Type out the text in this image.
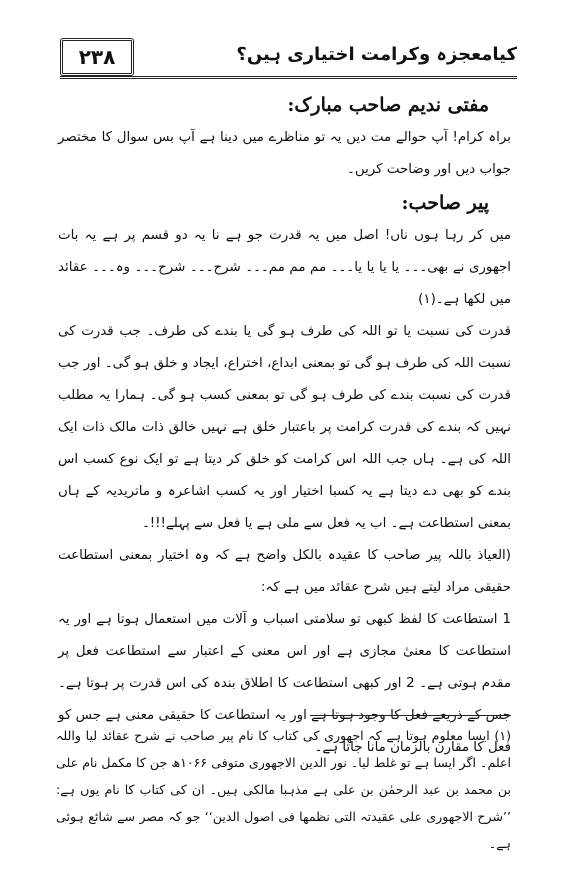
کیامعجزہ وکرامت اختیاری ہیں؟
۲۳۸
مفتی ندیم صاحب مبارک:

براہ کرام! آپ حوالے مت دیں یہ تو مناظرے میں دینا ہے آپ بس سوال کا مختصر جواب دیں اور وضاحت کریں۔

پیر صاحب:

میں کر رہا ہوں ناں! اصل میں یہ قدرت جو ہے نا یہ دو قسم پر ہے یہ بات اجھوری نے بھی۔۔۔ یا یا یا یا۔۔۔ مم مم مم۔۔۔ شرح۔۔۔ شرح۔۔۔ وہ۔۔۔ عقائد میں لکھا ہے۔(۱)

قدرت کی نسبت یا تو اللہ کی طرف ہو گی یا بندے کی طرف۔ جب قدرت کی نسبت اللہ کی طرف ہو گی تو بمعنی ابداع، اختراع، ایجاد و خلق ہو گی۔ اور جب قدرت کی نسبت بندے کی طرف ہو گی تو بمعنی کسب ہو گی۔ ہمارا یہ مطلب نہیں کہ بندے کی قدرت کرامت پر باعتبار خلق ہے نہیں خالق ذات مالک ذات ایک اللہ کی ہے۔ ہاں جب اللہ اس کرامت کو خلق کر دیتا ہے تو ایک نوع کسب اس بندے کو بھی دے دیتا ہے یہ کسبا اختیار اور یہ کسب اشاعرہ و ماتریدیہ کے ہاں بمعنی استطاعت ہے۔ اب یہ فعل سے ملی ہے یا فعل سے پہلے!!!۔

(العیاذ باللہ پیر صاحب کا عقیدہ بالکل واضح ہے کہ وہ اختیار بمعنی استطاعت حقیقی مراد لیتے ہیں شرح عقائد میں ہے کہ:

1 استطاعت کا لفظ کبھی تو سلامتی اسباب و آلات میں استعمال ہوتا ہے اور یہ استطاعت کا معنیٰ مجازی ہے اور اس معنی کے اعتبار سے استطاعت فعل پر مقدم ہوتی ہے۔ 2 اور کبھی استطاعت کا اطلاق بندہ کی اس قدرت پر ہوتا ہے۔ جس کے ذریعے فعل کا وجود ہوتا ہے اور یہ استطاعت کا حقیقی معنی ہے جس کو فعل کا مقارن بالزمان مانا جاتا ہے۔

(۱) ایسا معلوم ہوتا ہے کہ اجھوری کی کتاب کا نام پیر صاحب نے شرح عقائد لیا واللہ اعلم۔ اگر ایسا ہے تو غلط لیا۔ نور الدین الاجھوری متوفی ۱۰۶۶ھ جن کا مکمل نام علی بن محمد بن عبد الرحمٰن بن علی ہے مذہبا مالکی ہیں۔ ان کی کتاب کا نام یوں ہے: ’’شرح الاجھوری علی عقیدتہ التی نظمھا فی اصول الدین‘‘ جو کہ مصر سے شائع ہوئی ہے۔
